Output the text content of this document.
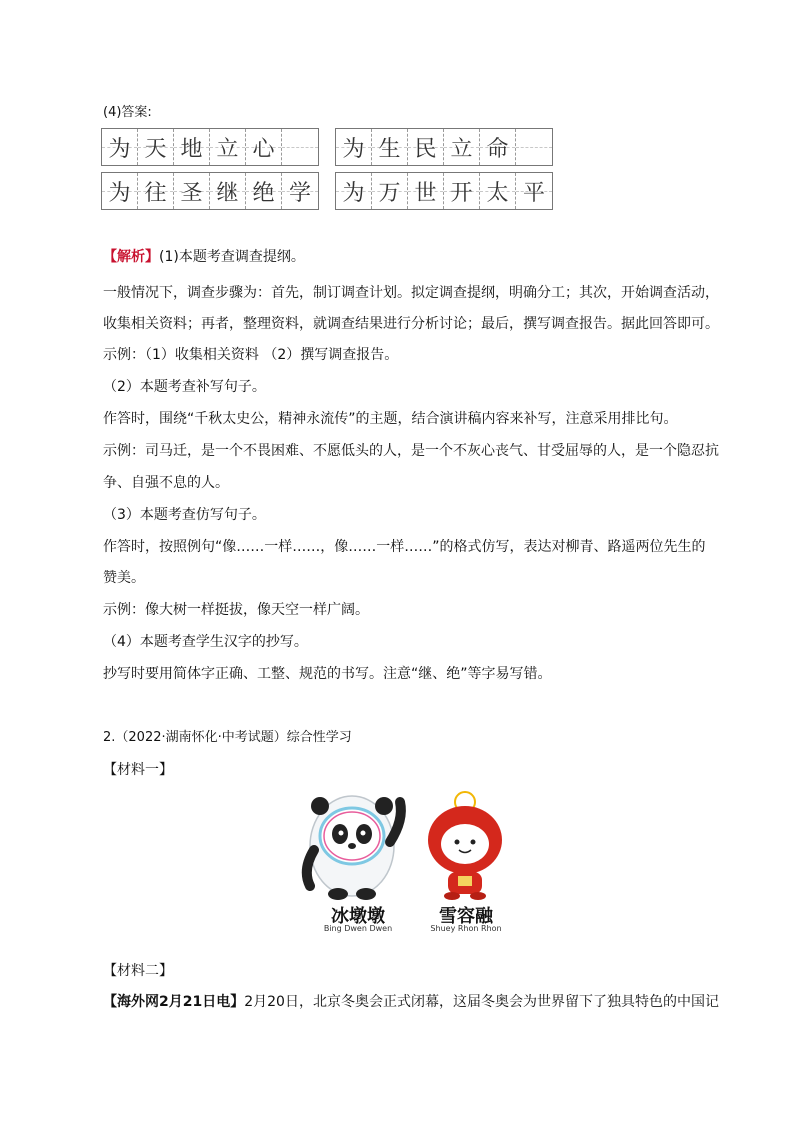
(4)答案:
为 天 地 立 心	为 生 民 立 命
为 往 圣 继 绝 学 为 万 世 开 太 平
【解析】(1)本题考查调查提纲。
一般情况下，调查步骤为：首先，制订调查计划。拟定调查提纲，明确分工；其次，开始调查活动，
收集相关资料；再者，整理资料，就调查结果进行分析讨论；最后，撰写调查报告。据此回答即可。
示例：（1）收集相关资料 （2）撰写调查报告。
（2）本题考查补写句子。
作答时，围绕“千秋太史公，精神永流传”的主题，结合演讲稿内容来补写，注意采用排比句。
示例：司马迁，是一个不畏困难、不愿低头的人，是一个不灰心丧气、甘受屈辱的人，是一个隐忍抗
争、自强不息的人。
（3）本题考查仿写句子。
作答时，按照例句“像……一样……，像……一样……”的格式仿写，表达对柳青、路遥两位先生的
赞美。
示例：像大树一样挺拔，像天空一样广阔。
（4）本题考查学生汉字的抄写。
抄写时要用简体字正确、工整、规范的书写。注意“继、绝”等字易写错。
2.（2022·湖南怀化·中考试题）综合性学习
【材料一】
冰墩墩
Bing Dwen Dwen
雪容融
Shuey Rhon Rhon
【材料二】
【海外网2月21日电】2月20日，北京冬奥会正式闭幕，这届冬奥会为世界留下了独具特色的中国记
